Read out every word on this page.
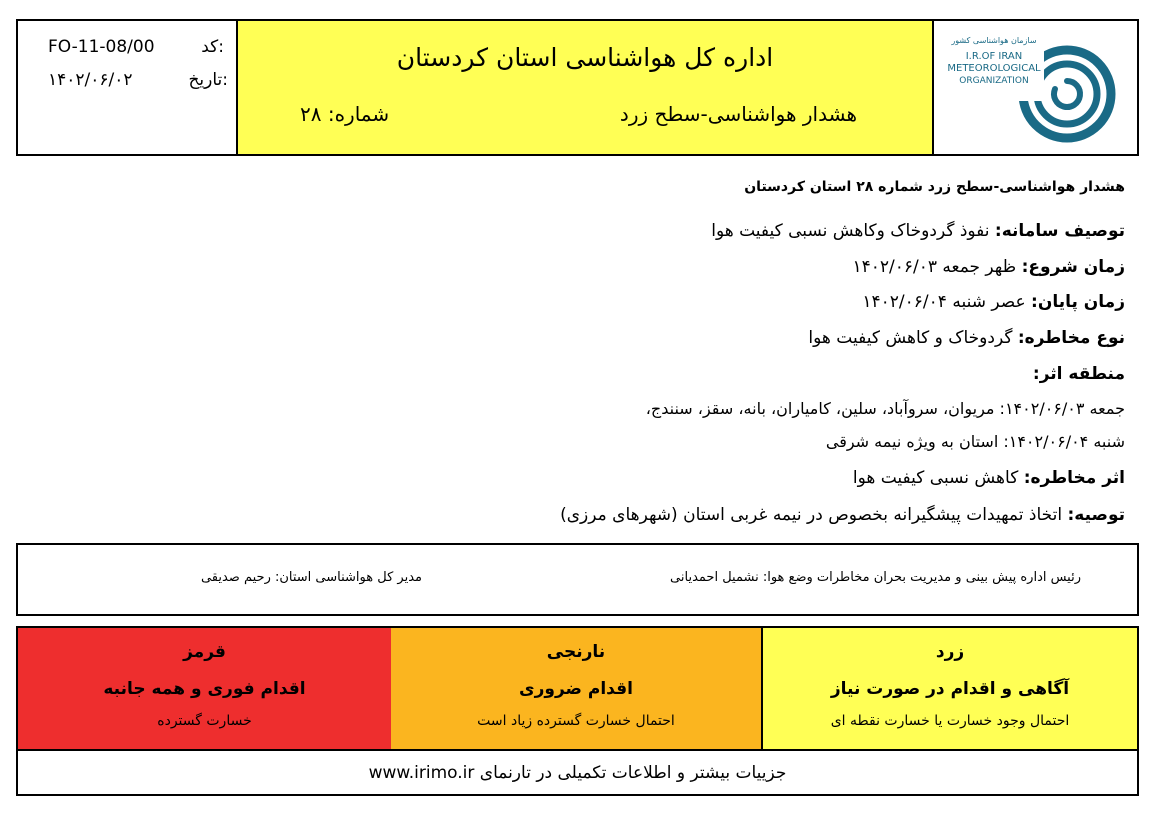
کد:
FO-11-08/00
تاریخ:
۱۴۰۲/۰۶/۰۲
اداره کل هواشناسی استان کردستان
هشدار هواشناسی-سطح زرد
شماره: ۲۸
سازمان هواشناسی کشور
I.R.OF IRAN
METEOROLOGICAL
ORGANIZATION
هشدار هواشناسی-سطح زرد شماره ۲۸ استان کردستان
توصیف سامانه: نفوذ گردوخاک وکاهش نسبی کیفیت هوا
زمان شروع: ظهر جمعه ۱۴۰۲/۰۶/۰۳
زمان پایان: عصر شنبه ۱۴۰۲/۰۶/۰۴
نوع مخاطره: گردوخاک و کاهش کیفیت هوا
منطقه اثر:
جمعه ۱۴۰۲/۰۶/۰۳: مریوان، سروآباد، سلین، کامیاران، بانه، سقز، سنندج،
شنبه ۱۴۰۲/۰۶/۰۴: استان به ویژه نیمه شرقی
اثر مخاطره: کاهش نسبی کیفیت هوا
توصیه: اتخاذ تمهیدات پیشگیرانه بخصوص در نیمه غربی استان (شهرهای مرزی)
رئیس اداره پیش بینی و مدیریت بحران مخاطرات وضع هوا: نشمیل احمدیانی
مدیر کل هواشناسی استان: رحیم صدیقی
زرد
آگاهی و اقدام در صورت نیاز
احتمال وجود خسارت یا خسارت نقطه ای
نارنجی
اقدام ضروری
احتمال خسارت گسترده زیاد است
قرمز
اقدام فوری و همه جانبه
خسارت گسترده
جزییات بیشتر و اطلاعات تکمیلی در تارنمای www.irimo.ir
